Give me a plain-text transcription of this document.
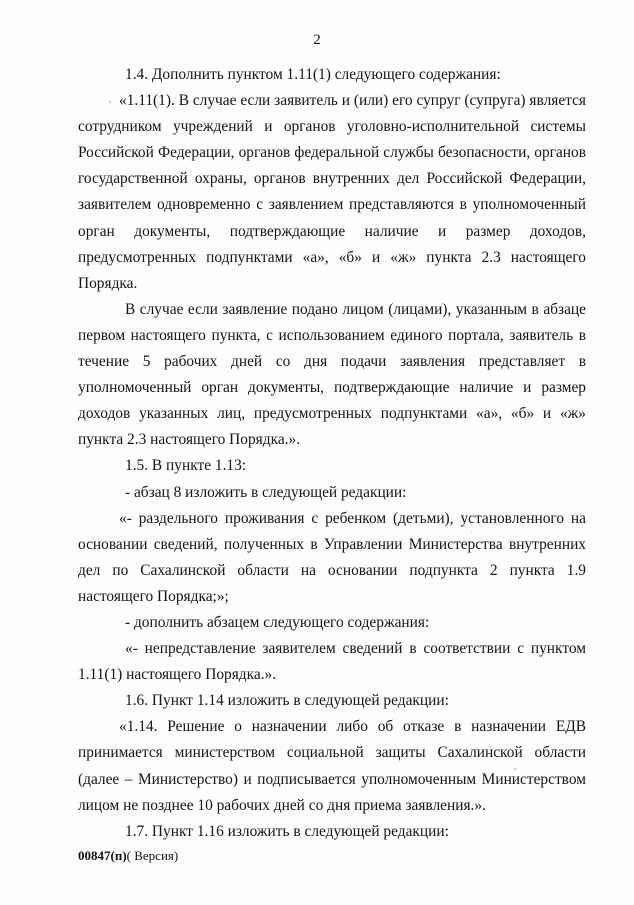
2

1.4. Дополнить пунктом 1.11(1) следующего содержания:

«1.11(1). В случае если заявитель и (или) его супруг (супруга) является сотрудником учреждений и органов уголовно-исполнительной системы Российской Федерации, органов федеральной службы безопасности, органов государственной охраны, органов внутренних дел Российской Федерации, заявителем одновременно с заявлением представляются в уполномоченный орган документы, подтверждающие наличие и размер доходов, предусмотренных подпунктами «а», «б» и «ж» пункта 2.3 настоящего Порядка.

В случае если заявление подано лицом (лицами), указанным в абзаце первом настоящего пункта, с использованием единого портала, заявитель в течение 5 рабочих дней со дня подачи заявления представляет в уполномоченный орган документы, подтверждающие наличие и размер доходов указанных лиц, предусмотренных подпунктами «а», «б» и «ж» пункта 2.3 настоящего Порядка.».

1.5. В пункте 1.13:

- абзац 8 изложить в следующей редакции:

«- раздельного проживания с ребенком (детьми), установленного на основании сведений, полученных в Управлении Министерства внутренних дел по Сахалинской области на основании подпункта 2 пункта 1.9 настоящего Порядка;»;

- дополнить абзацем следующего содержания:

«- непредставление заявителем сведений в соответствии с пунктом 1.11(1) настоящего Порядка.».

1.6. Пункт 1.14 изложить в следующей редакции:

«1.14. Решение о назначении либо об отказе в назначении ЕДВ принимается министерством социальной защиты Сахалинской области (далее – Министерство) и подписывается уполномоченным Министерством лицом не позднее 10 рабочих дней со дня приема заявления.».

1.7. Пункт 1.16 изложить в следующей редакции:

00847(п)( Версия)
